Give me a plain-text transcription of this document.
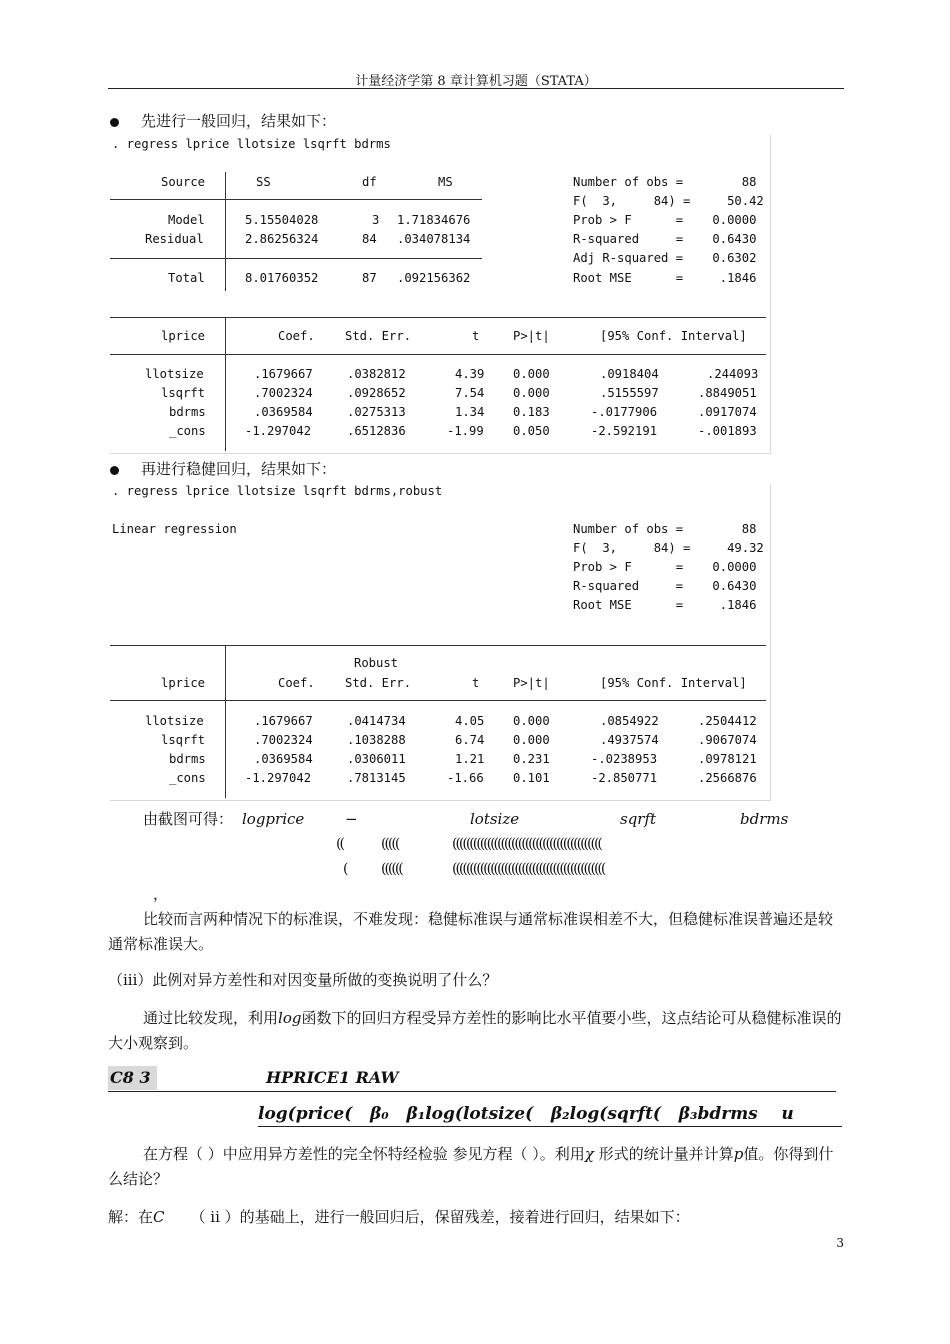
计量经济学第 8 章计算机习题（STATA）
先进行一般回归，结果如下：
. regress lprice llotsize lsqrft bdrms
Source	SS	df	MS
Model	5.15504028	3 1.71834676
Residual	2.86256324	84 .034078134
Total	8.01760352	87 .092156362
Number of obs =        88
F(  3,     84) =     50.42
Prob > F      =    0.0000
R-squared     =    0.6430
Adj R-squared =    0.6302
Root MSE      =     .1846
lprice	Coef. Std. Err.	t	P>|t|	[95% Conf. Interval]
llotsize	.1679667	.0382812	4.39 0.000	.0918404	.244093
lsqrft	.7002324	.0928652	7.54 0.000	.5155597	.8849051
bdrms	.0369584	.0275313	1.34 0.183	-.0177906	.0917074
_cons	-1.297042	.6512836	-1.99 0.050	-2.592191	-.001893
再进行稳健回归，结果如下：
. regress lprice llotsize lsqrft bdrms,robust
Linear regression	Number of obs =        88
F(  3,     84) =     49.32
Prob > F      =    0.0000
R-squared     =    0.6430
Root MSE      =     .1846
Robust
lprice	Coef. Std. Err.	t	P>|t|	[95% Conf. Interval]
llotsize	.1679667	.0414734	4.05 0.000	.0854922	.2504412
lsqrft	.7002324	.1038288	6.74 0.000	.4937574	.9067074
bdrms	.0369584	.0306011	1.21 0.231	-.0238953	.0978121
_cons	-1.297042	.7813145	-1.66 0.101	-2.850771	.2566876
由截图可得： log⁡price	−	⁡lotsize	⁡sqrft	bdrms
((	(((((	(((((((((((((((((((((((((((((((((((((((((((
( ((((((	((((((((((((((((((((((((((((((((((((((((((((
，
比较而言两种情况下的标准误，不难发现：稳健标准误与通常标准误相差不大，但稳健标准误普遍还是较通常标准误大。
（iii）此例对异方差性和对因变量所做的变换说明了什么？
通过比较发现，利用log函数下的回归方程受异方差性的影响比水平值要小些，这点结论可从稳健标准误的大小观察到。
C8 3	HPRICE1 RAW
log(price(   β₀   β₁log(lotsize(   β₂log(sqrft(   β₃bdrms    u
在方程（ ）中应用异方差性的完全怀特经检验 参见方程（ ）。利用χ 形式的统计量并计算p值。你得到什么结论？
解：在C （ ii ）的基础上，进行一般回归后，保留残差，接着进行回归，结果如下：
3
